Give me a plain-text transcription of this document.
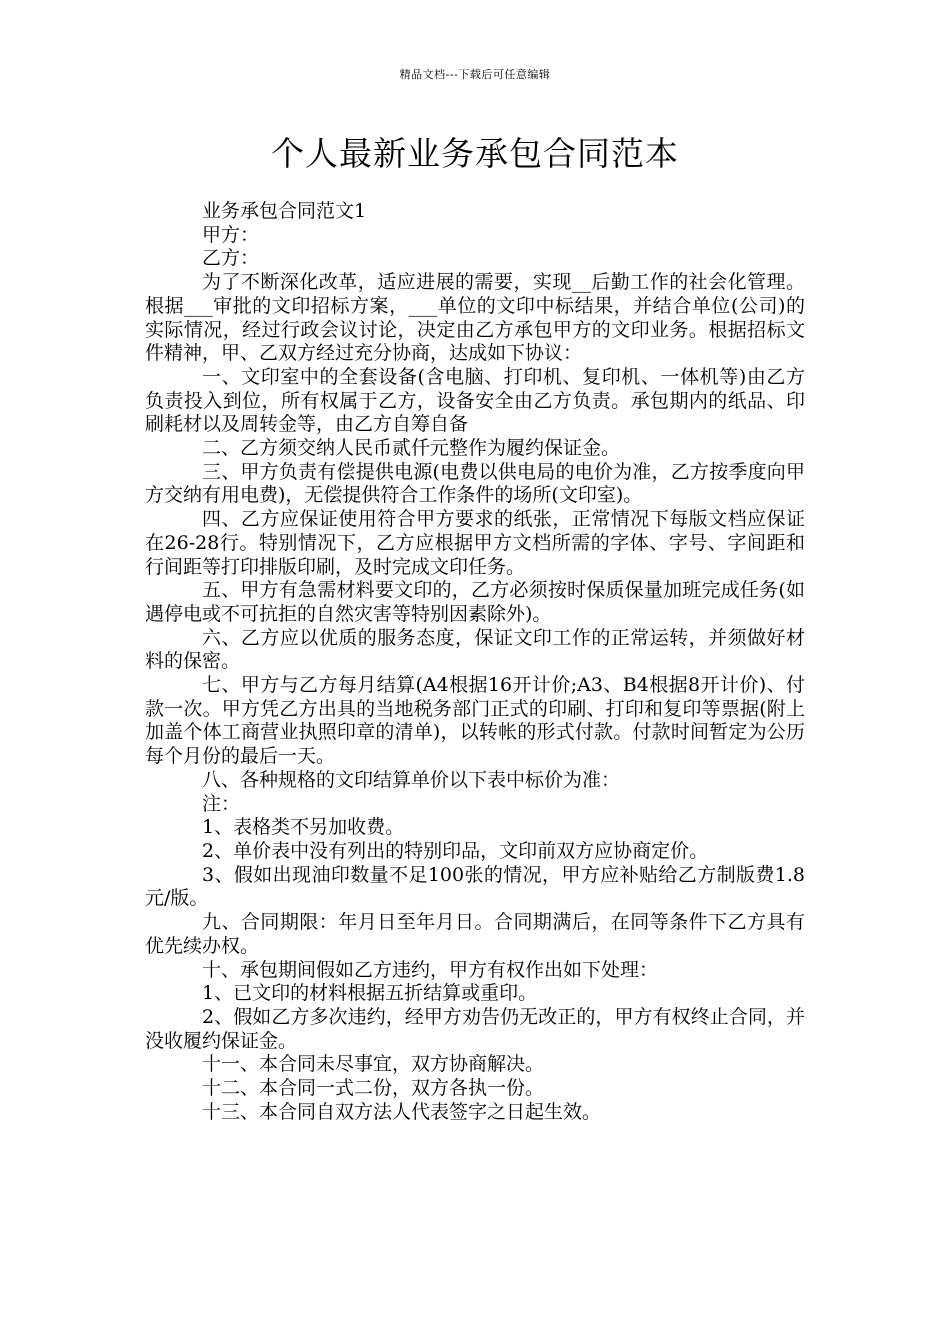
精品文档---下载后可任意编辑
个人最新业务承包合同范本

业务承包合同范文1

甲方：

乙方：

为了不断深化改革，适应进展的需要，实现__后勤工作的社会化管理。根据___审批的文印招标方案，___单位的文印中标结果，并结合单位(公司)的实际情况，经过行政会议讨论，决定由乙方承包甲方的文印业务。根据招标文件精神，甲、乙双方经过充分协商，达成如下协议：

一、文印室中的全套设备(含电脑、打印机、复印机、一体机等)由乙方负责投入到位，所有权属于乙方，设备安全由乙方负责。承包期内的纸品、印刷耗材以及周转金等，由乙方自筹自备

二、乙方须交纳人民币贰仟元整作为履约保证金。

三、甲方负责有偿提供电源(电费以供电局的电价为准，乙方按季度向甲方交纳有用电费)，无偿提供符合工作条件的场所(文印室)。

四、乙方应保证使用符合甲方要求的纸张，正常情况下每版文档应保证在26-28行。特别情况下，乙方应根据甲方文档所需的字体、字号、字间距和行间距等打印排版印刷，及时完成文印任务。

五、甲方有急需材料要文印的，乙方必须按时保质保量加班完成任务(如遇停电或不可抗拒的自然灾害等特别因素除外)。

六、乙方应以优质的服务态度，保证文印工作的正常运转，并须做好材料的保密。

七、甲方与乙方每月结算(A4根据16开计价;A3、B4根据8开计价)、付款一次。甲方凭乙方出具的当地税务部门正式的印刷、打印和复印等票据(附上加盖个体工商营业执照印章的清单)，以转帐的形式付款。付款时间暂定为公历每个月份的最后一天。

八、各种规格的文印结算单价以下表中标价为准：

注：

1、表格类不另加收费。

2、单价表中没有列出的特别印品，文印前双方应协商定价。

3、假如出现油印数量不足100张的情况，甲方应补贴给乙方制版费1.8元/版。

九、合同期限：年月日至年月日。合同期满后，在同等条件下乙方具有优先续办权。

十、承包期间假如乙方违约，甲方有权作出如下处理：

1、已文印的材料根据五折结算或重印。

2、假如乙方多次违约，经甲方劝告仍无改正的，甲方有权终止合同，并没收履约保证金。

十一、本合同未尽事宜，双方协商解决。

十二、本合同一式二份，双方各执一份。

十三、本合同自双方法人代表签字之日起生效。
